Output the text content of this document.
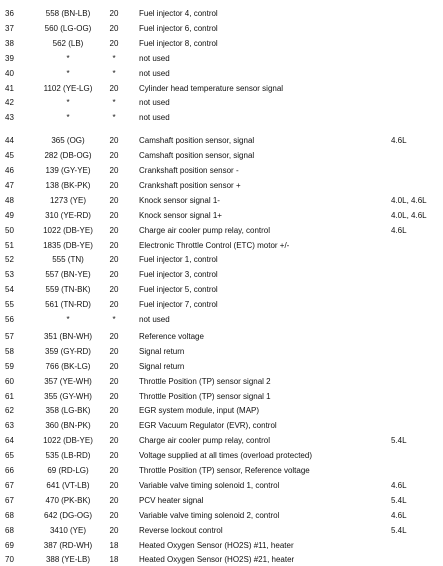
36	558 (BN-LB)	20	Fuel injector 4, control
37	560 (LG-OG)	20	Fuel injector 6, control
38	562 (LB)	20	Fuel injector 8, control
39	*	*	not used
40	*	*	not used
41	1102 (YE-LG)	20	Cylinder head temperature sensor signal
42	*	*	not used
43	*	*	not used
44	365 (OG)	20	Camshaft position sensor, signal	4.6L
45	282 (DB-OG)	20	Camshaft position sensor, signal
46	139 (GY-YE)	20	Crankshaft position sensor -
47	138 (BK-PK)	20	Crankshaft position sensor +
48	1273 (YE)	20	Knock sensor signal 1-	4.0L, 4.6L
49	310 (YE-RD)	20	Knock sensor signal 1+	4.0L, 4.6L
50	1022 (DB-YE)	20	Charge air cooler pump relay, control	4.6L
51	1835 (DB-YE)	20	Electronic Throttle Control (ETC) motor +/-
52	555 (TN)	20	Fuel injector 1, control
53	557 (BN-YE)	20	Fuel injector 3, control
54	559 (TN-BK)	20	Fuel injector 5, control
55	561 (TN-RD)	20	Fuel injector 7, control
56	*	*	not used
57	351 (BN-WH)	20	Reference voltage
58	359 (GY-RD)	20	Signal return
59	766 (BK-LG)	20	Signal return
60	357 (YE-WH)	20	Throttle Position (TP) sensor signal 2
61	355 (GY-WH)	20	Throttle Position (TP) sensor signal 1
62	358 (LG-BK)	20	EGR system module, input (MAP)
63	360 (BN-PK)	20	EGR Vacuum Regulator (EVR), control
64	1022 (DB-YE)	20	Charge air cooler pump relay, control	5.4L
65	535 (LB-RD)	20	Voltage supplied at all times (overload protected)
66	69 (RD-LG)	20	Throttle Position (TP) sensor, Reference voltage
67	641 (VT-LB)	20	Variable valve timing solenoid 1, control	4.6L
67	470 (PK-BK)	20	PCV heater signal	5.4L
68	642 (DG-OG)	20	Variable valve timing solenoid 2, control	4.6L
68	3410 (YE)	20	Reverse lockout control	5.4L
69	387 (RD-WH)	18	Heated Oxygen Sensor (HO2S) #11, heater
70	388 (YE-LB)	18	Heated Oxygen Sensor (HO2S) #21, heater
